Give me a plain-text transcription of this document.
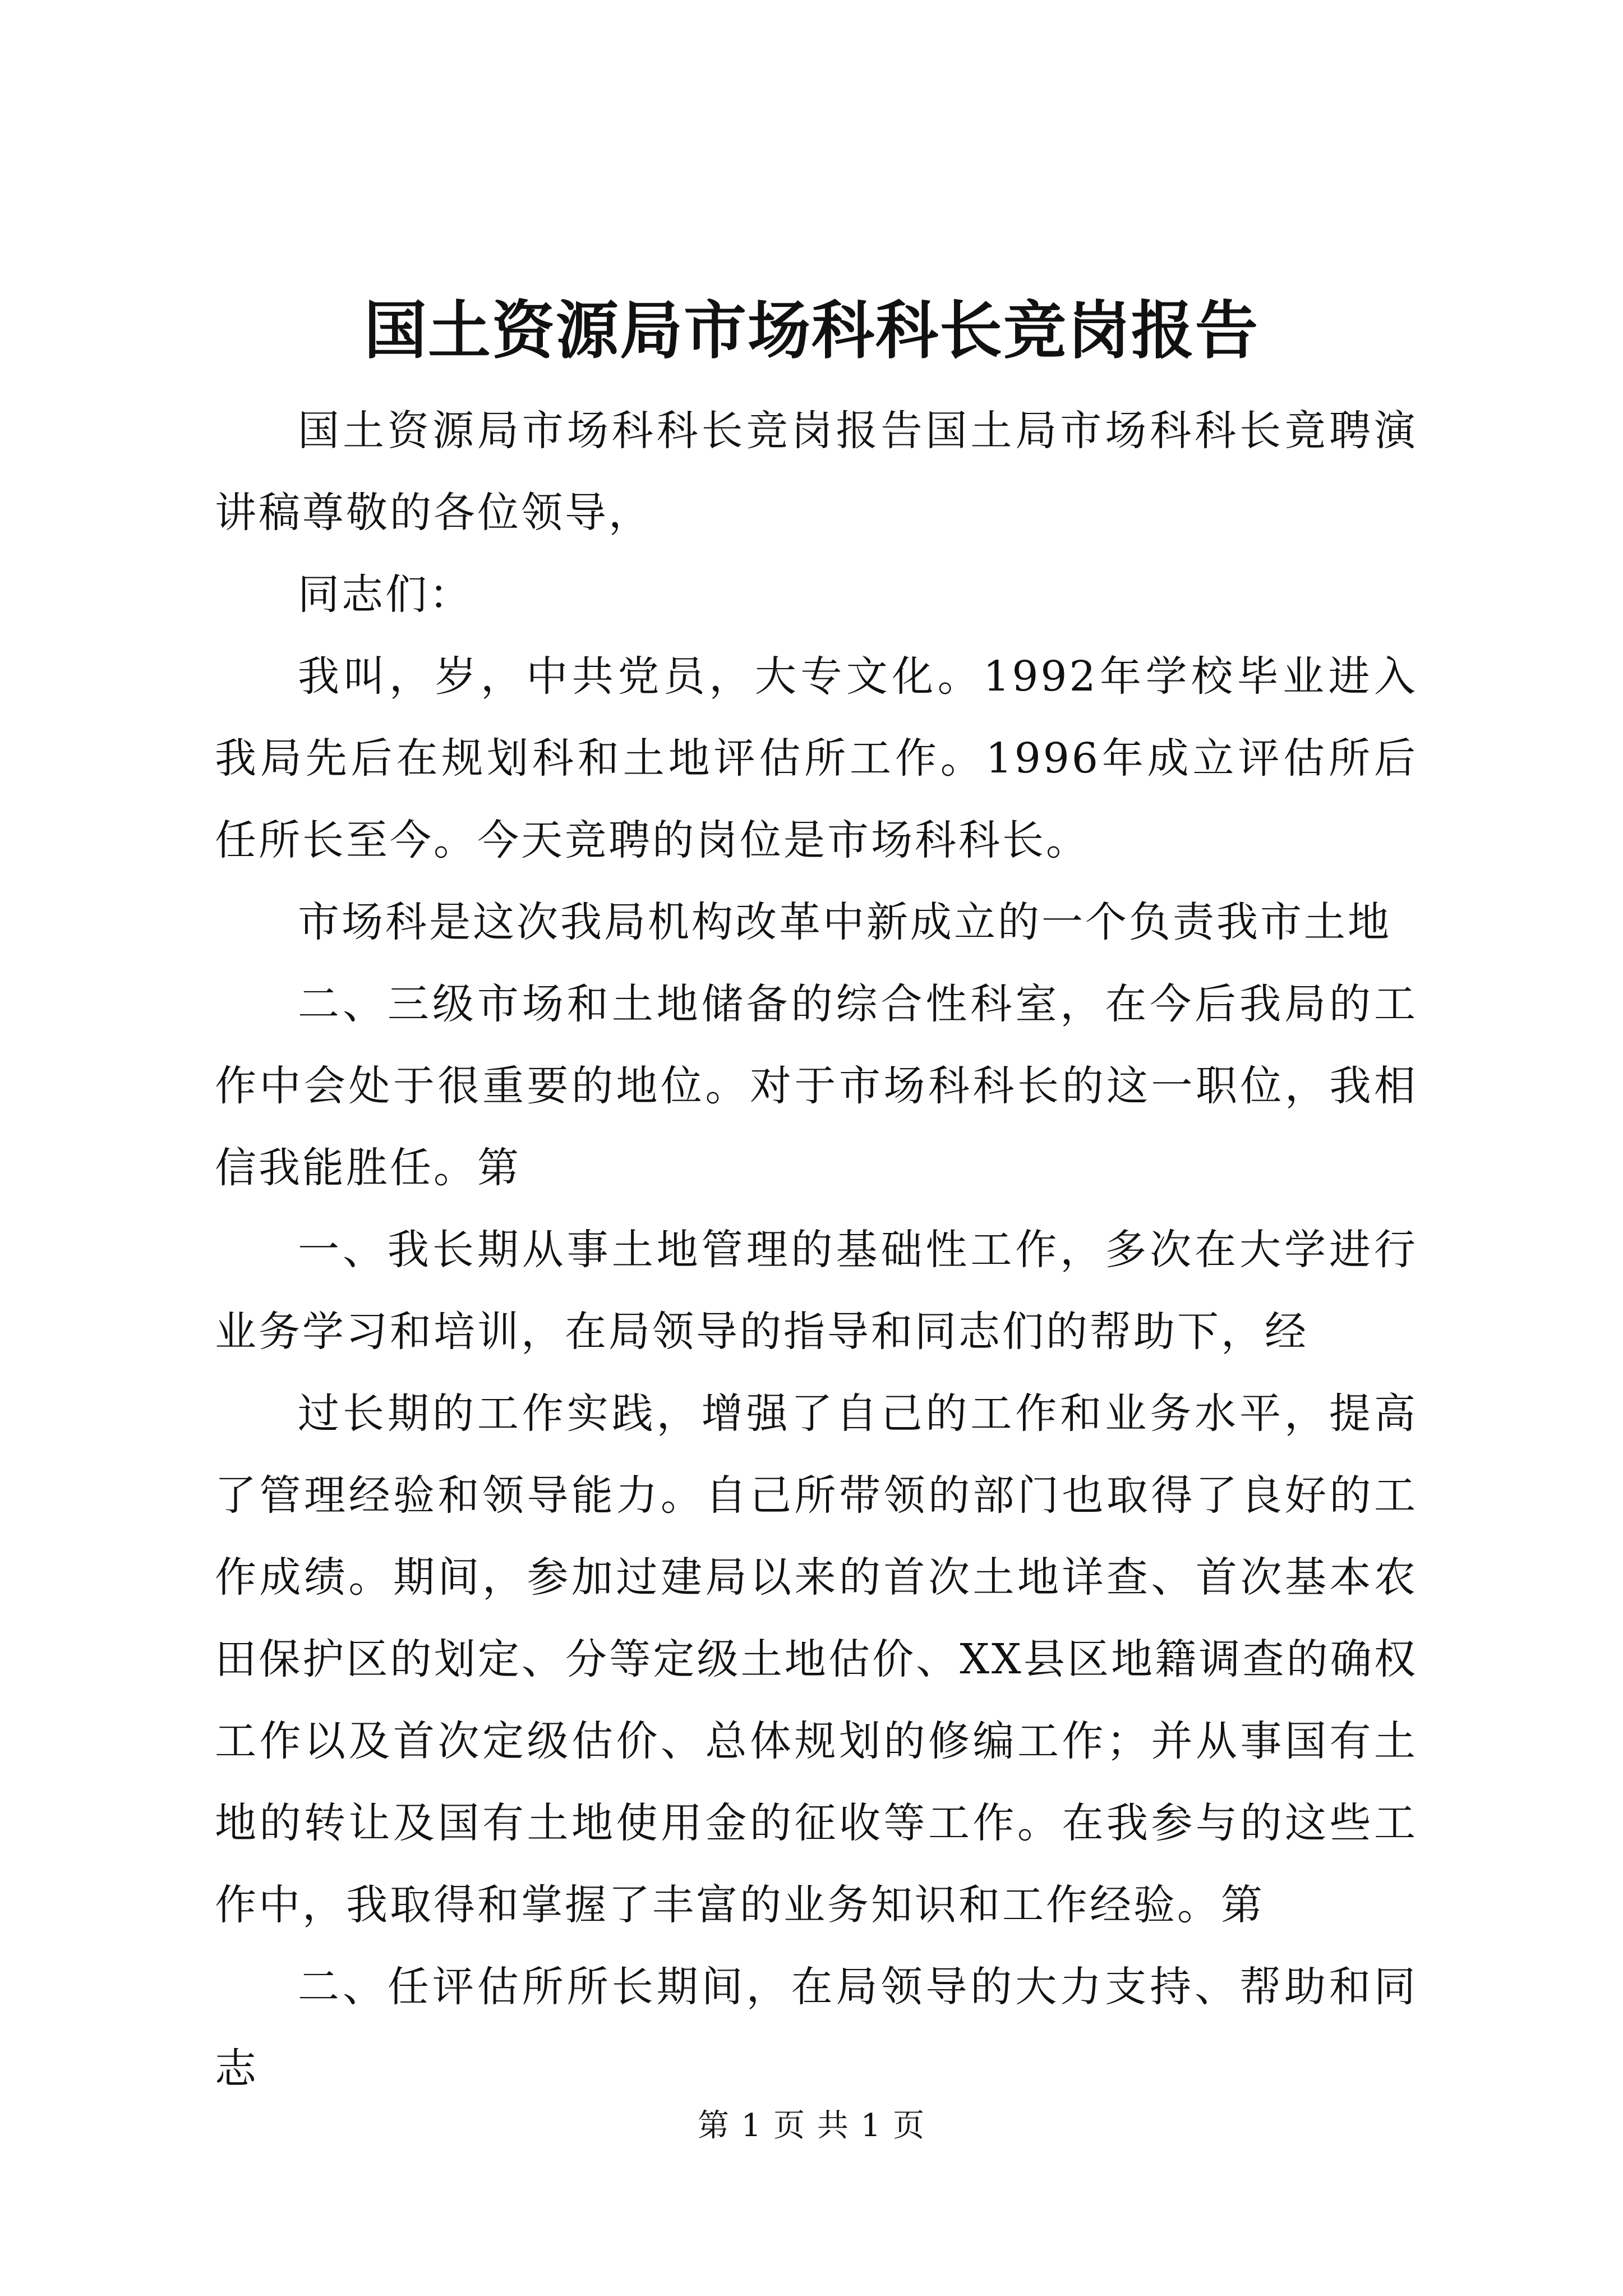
国土资源局市场科科长竞岗报告

国土资源局市场科科长竞岗报告国土局市场科科长竟聘演讲稿尊敬的各位领导，

同志们：

我叫，岁，中共党员，大专文化。1992年学校毕业进入我局先后在规划科和土地评估所工作。1996年成立评估所后任所长至今。今天竞聘的岗位是市场科科长。

市场科是这次我局机构改革中新成立的一个负责我市土地

二、三级市场和土地储备的综合性科室，在今后我局的工作中会处于很重要的地位。对于市场科科长的这一职位，我相信我能胜任。第

一、我长期从事土地管理的基础性工作，多次在大学进行业务学习和培训，在局领导的指导和同志们的帮助下，经

过长期的工作实践，增强了自己的工作和业务水平，提高了管理经验和领导能力。自己所带领的部门也取得了良好的工作成绩。期间，参加过建局以来的首次土地详查、首次基本农田保护区的划定、分等定级土地估价、XX县区地籍调查的确权工作以及首次定级估价、总体规划的修编工作；并从事国有土地的转让及国有土地使用金的征收等工作。在我参与的这些工作中，我取得和掌握了丰富的业务知识和工作经验。第

二、任评估所所长期间，在局领导的大力支持、帮助和同志

第 1 页 共 1 页
